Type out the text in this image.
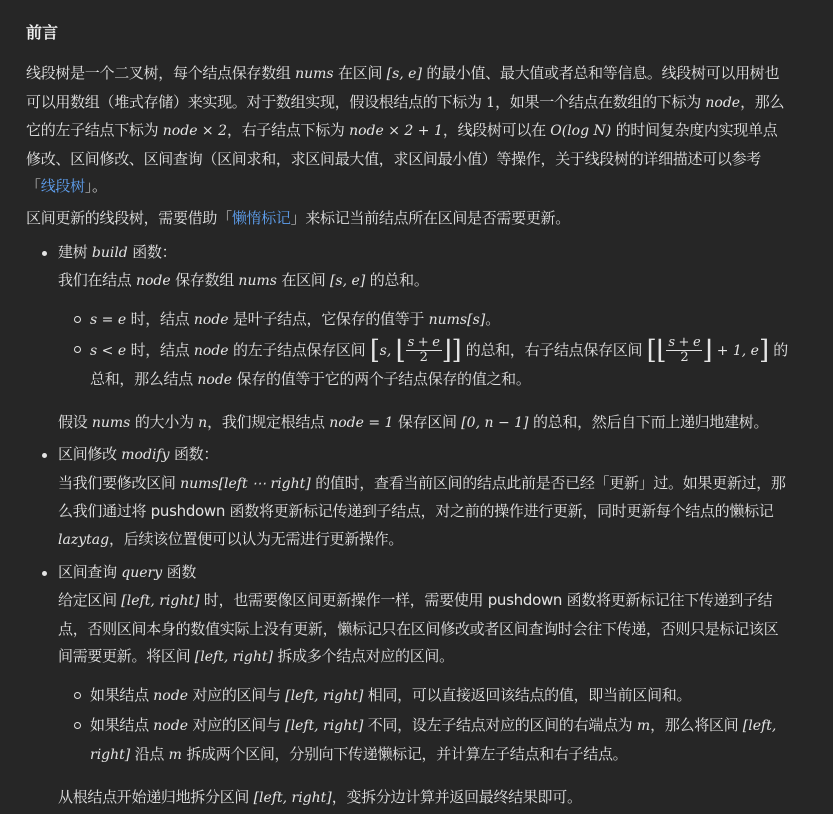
前言

线段树是一个二叉树，每个结点保存数组 nums 在区间 [s, e] 的最小值、最大值或者总和等信息。线段树可以用树也可以用数组（堆式存储）来实现。对于数组实现，假设根结点的下标为 1，如果一个结点在数组的下标为 node，那么它的左子结点下标为 node × 2，右子结点下标为 node × 2 + 1，线段树可以在 O(log N) 的时间复杂度内实现单点修改、区间修改、区间查询（区间求和，求区间最大值，求区间最小值）等操作，关于线段树的详细描述可以参考「线段树」。

区间更新的线段树，需要借助「懒惰标记」来标记当前结点所在区间是否需要更新。

建树 build 函数：

我们在结点 node 保存数组 nums 在区间 [s, e] 的总和。

s = e 时，结点 node 是叶子结点，它保存的值等于 nums[s]。

s < e 时，结点 node 的左子结点保存区间 [s, ⌊ $\frac{s + e}{2}$ ⌋] 的总和，右子结点保存区间 [⌊ $\frac{s + e}{2}$ ⌋ + 1, e] 的总和，那么结点 node 保存的值等于它的两个子结点保存的值之和。

假设 nums 的大小为 n，我们规定根结点 node = 1 保存区间 [0, n − 1] 的总和，然后自下而上递归地建树。

区间修改 modify 函数：

当我们要修改区间 nums[left ⋯ right] 的值时，查看当前区间的结点此前是否已经「更新」过。如果更新过，那么我们通过将 pushdown 函数将更新标记传递到子结点，对之前的操作进行更新，同时更新每个结点的懒标记 lazytag，后续该位置便可以认为无需进行更新操作。

区间查询 query 函数

给定区间 [left, right] 时，也需要像区间更新操作一样，需要使用 pushdown 函数将更新标记往下传递到子结点，否则区间本身的数值实际上没有更新，懒标记只在区间修改或者区间查询时会往下传递，否则只是标记该区间需要更新。将区间 [left, right] 拆成多个结点对应的区间。

如果结点 node 对应的区间与 [left, right] 相同，可以直接返回该结点的值，即当前区间和。

如果结点 node 对应的区间与 [left, right] 不同，设左子结点对应的区间的右端点为 m，那么将区间 [left, right] 沿点 m 拆成两个区间，分别向下传递懒标记，并计算左子结点和右子结点。

从根结点开始递归地拆分区间 [left, right]，变拆分边计算并返回最终结果即可。
